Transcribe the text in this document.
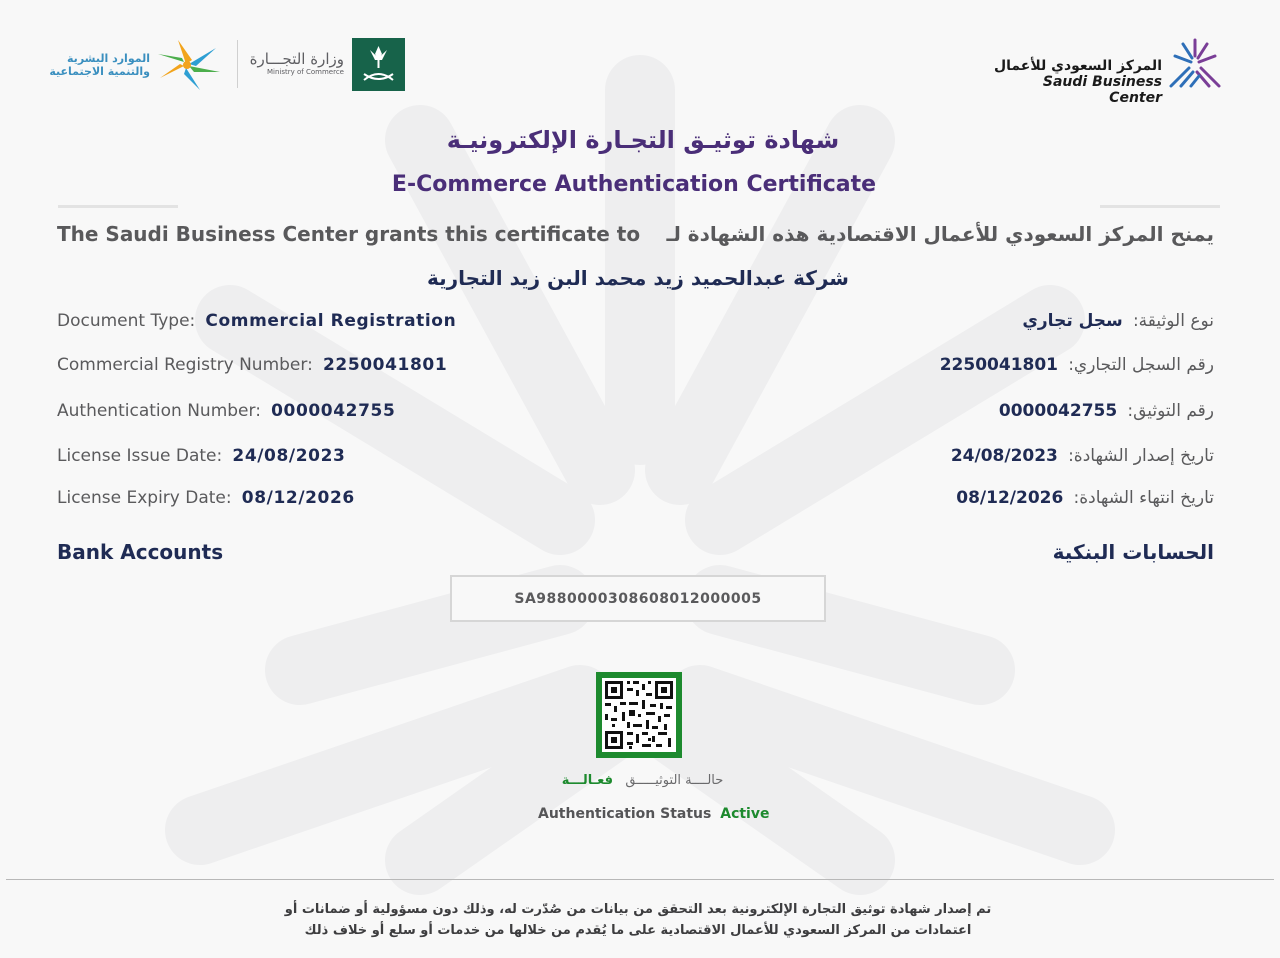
الموارد البشرية
والتنمية الاجتماعية
وزارة التجـــارة
Ministry of Commerce	المركز السعودي للأعمال
Saudi Business Center
شهادة توثيـق التجـارة الإلكترونيـة
E-Commerce Authentication Certificate
The Saudi Business Center grants this certificate to يمنح المركز السعودي للأعمال الاقتصادية هذه الشهادة لـ
شركة عبدالحميد زيد محمد البن زيد التجارية
Document Type: Commercial Registration
Commercial Registry Number: 2250041801
Authentication Number: 0000042755
License Issue Date: 24/08/2023
License Expiry Date: 08/12/2026
نوع الوثيقة:  سجل تجاري
رقم السجل التجاري:  2250041801
رقم التوثيق:  0000042755
تاريخ إصدار الشهادة:  24/08/2023
تاريخ انتهاء الشهادة:  08/12/2026
Bank Accounts	الحسابات البنكية
SA9880000308608012000005
حالــــة التوثيـــــق   فعـالـــة
Authentication Status Active
تم إصدار شهادة توثيق التجارة الإلكترونية بعد التحقق من بيانات من صُدّرت له، وذلك دون مسؤولية أو ضمانات أو
اعتمادات من المركز السعودي للأعمال الاقتصادية على ما يُقدم من خلالها من خدمات أو سلع أو خلاف ذلك
